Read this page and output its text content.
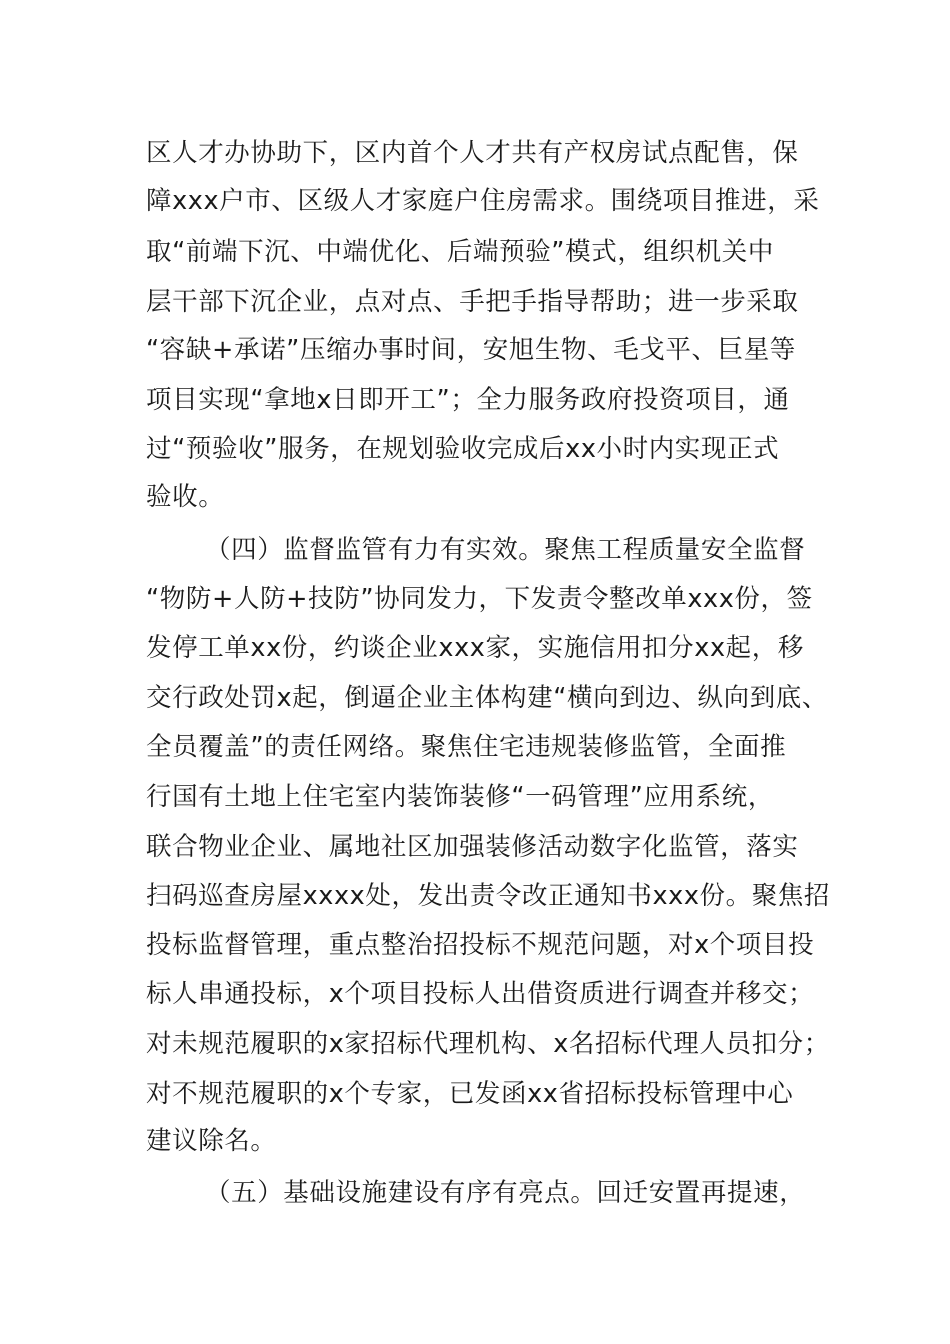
区人才办协助下，区内首个人才共有产权房试点配售，保
障xxx户市、区级人才家庭户住房需求。围绕项目推进，采
取“前端下沉、中端优化、后端预验”模式，组织机关中
层干部下沉企业，点对点、手把手指导帮助；进一步采取
“容缺+承诺”压缩办事时间，安旭生物、毛戈平、巨星等
项目实现“拿地x日即开工”；全力服务政府投资项目，通
过“预验收”服务，在规划验收完成后xx小时内实现正式
验收。
（四）监督监管有力有实效。聚焦工程质量安全监督
“物防+人防+技防”协同发力，下发责令整改单xxx份，签
发停工单xx份，约谈企业xxx家，实施信用扣分xx起，移
交行政处罚x起，倒逼企业主体构建“横向到边、纵向到底、
全员覆盖”的责任网络。聚焦住宅违规装修监管，全面推
行国有土地上住宅室内装饰装修“一码管理”应用系统，
联合物业企业、属地社区加强装修活动数字化监管，落实
扫码巡查房屋xxxx处，发出责令改正通知书xxx份。聚焦招
投标监督管理，重点整治招投标不规范问题，对x个项目投
标人串通投标，x个项目投标人出借资质进行调查并移交；
对未规范履职的x家招标代理机构、x名招标代理人员扣分；
对不规范履职的x个专家，已发函xx省招标投标管理中心
建议除名。
（五）基础设施建设有序有亮点。回迁安置再提速，
